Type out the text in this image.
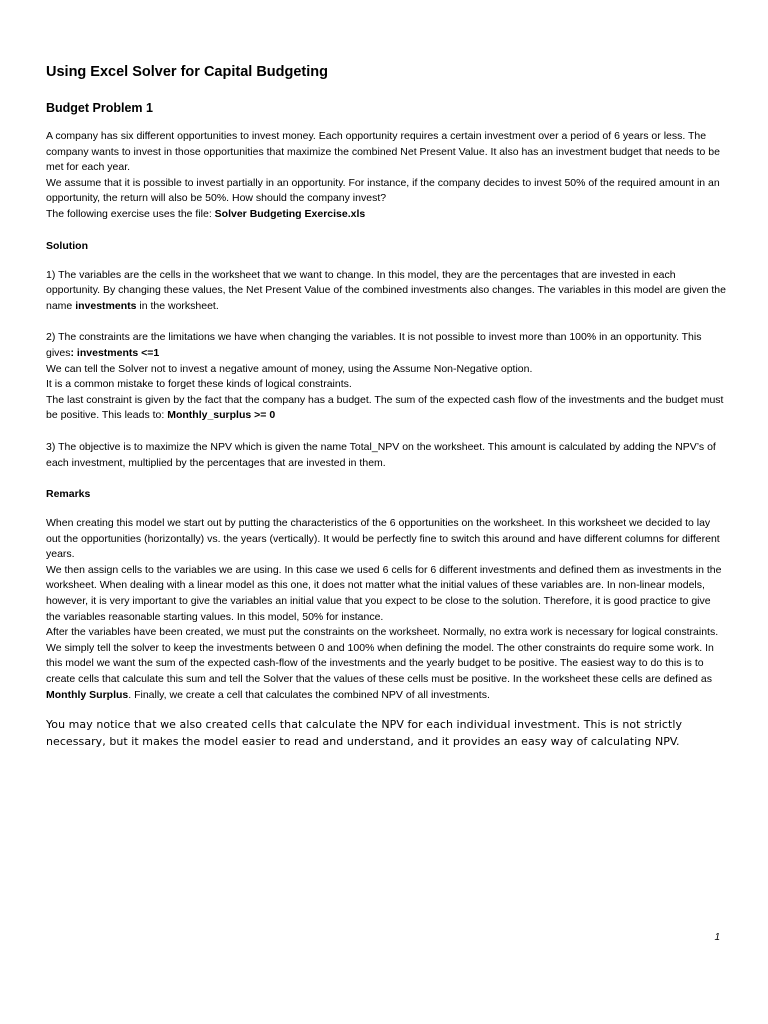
Using Excel Solver for Capital Budgeting
Budget Problem 1

A company has six different opportunities to invest money. Each opportunity requires a certain investment over a period of 6 years or less. The company wants to invest in those opportunities that maximize the combined Net Present Value. It also has an investment budget that needs to be met for each year.

We assume that it is possible to invest partially in an opportunity. For instance, if the company decides to invest 50% of the required amount in an opportunity, the return will also be 50%. How should the company invest?

The following exercise uses the file: Solver Budgeting Exercise.xls

Solution

1) The variables are the cells in the worksheet that we want to change. In this model, they are the percentages that are invested in each opportunity. By changing these values, the Net Present Value of the combined investments also changes. The variables in this model are given the name investments in the worksheet.

2) The constraints are the limitations we have when changing the variables. It is not possible to invest more than 100% in an opportunity. This gives: investments <=1

We can tell the Solver not to invest a negative amount of money, using the Assume Non-Negative option.

It is a common mistake to forget these kinds of logical constraints.

The last constraint is given by the fact that the company has a budget. The sum of the expected cash flow of the investments and the budget must be positive. This leads to: Monthly_surplus >= 0

3) The objective is to maximize the NPV which is given the name Total_NPV on the worksheet. This amount is calculated by adding the NPV’s of each investment, multiplied by the percentages that are invested in them.

Remarks

When creating this model we start out by putting the characteristics of the 6 opportunities on the worksheet. In this worksheet we decided to lay out the opportunities (horizontally) vs. the years (vertically). It would be perfectly fine to switch this around and have different columns for different years.

We then assign cells to the variables we are using. In this case we used 6 cells for 6 different investments and defined them as investments in the worksheet. When dealing with a linear model as this one, it does not matter what the initial values of these variables are. In non-linear models, however, it is very important to give the variables an initial value that you expect to be close to the solution. Therefore, it is good practice to give the variables reasonable starting values. In this model, 50% for instance.

After the variables have been created, we must put the constraints on the worksheet. Normally, no extra work is necessary for logical constraints. We simply tell the solver to keep the investments between 0 and 100% when defining the model. The other constraints do require some work. In this model we want the sum of the expected cash-flow of the investments and the yearly budget to be positive. The easiest way to do this is to create cells that calculate this sum and tell the Solver that the values of these cells must be positive. In the worksheet these cells are defined as Monthly Surplus. Finally, we create a cell that calculates the combined NPV of all investments.

You may notice that we also created cells that calculate the NPV for each individual investment. This is not strictly necessary, but it makes the model easier to read and understand, and it provides an easy way of calculating NPV.

1
